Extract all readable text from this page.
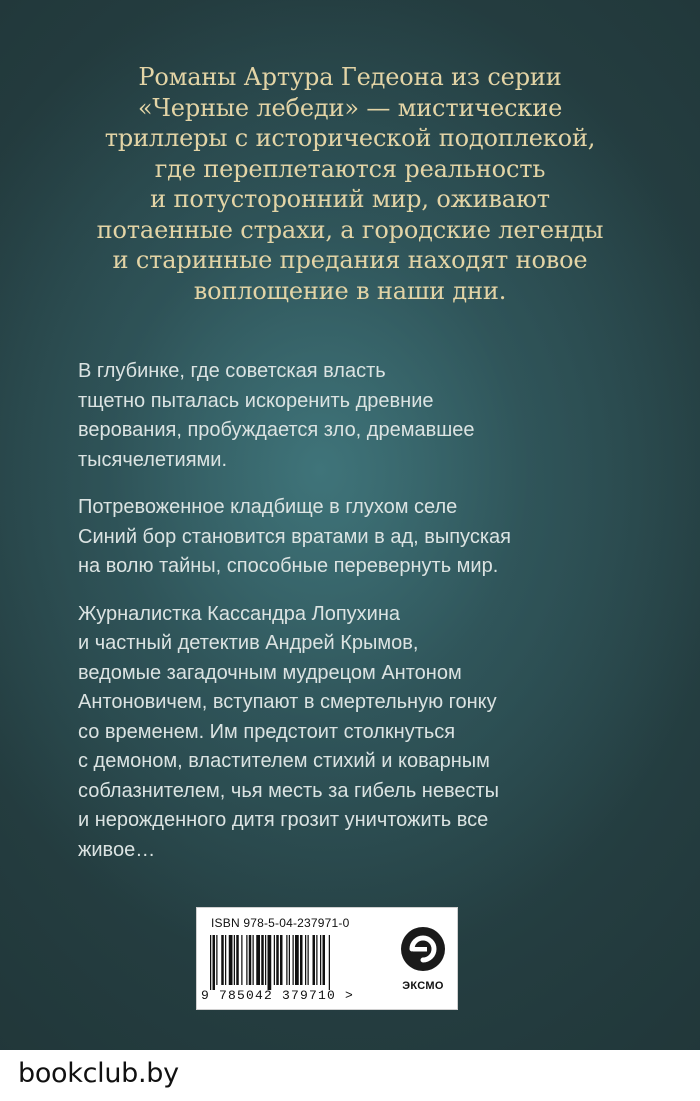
Романы Артура Гедеона из серии
«Черные лебеди» — мистические
триллеры с исторической подоплекой,
где переплетаются реальность
и потусторонний мир, оживают
потаенные страхи, а городские легенды
и старинные предания находят новое
воплощение в наши дни.

В глубинке, где советская власть
тщетно пыталась искоренить древние
верования, пробуждается зло, дремавшее
тысячелетиями.

Потревоженное кладбище в глухом селе
Синий бор становится вратами в ад, выпуская
на волю тайны, способные перевернуть мир.

Журналистка Кассандра Лопухина
и частный детектив Андрей Крымов,
ведомые загадочным мудрецом Антоном
Антоновичем, вступают в смертельную гонку
со временем. Им предстоит столкнуться
с демоном, властителем стихий и коварным
соблазнителем, чья месть за гибель невесты
и нерожденного дитя грозит уничтожить все
живое…

ISBN 978-5-04-237971-0
9 785042 379710 >
ЭКСМО
bookclub.by
